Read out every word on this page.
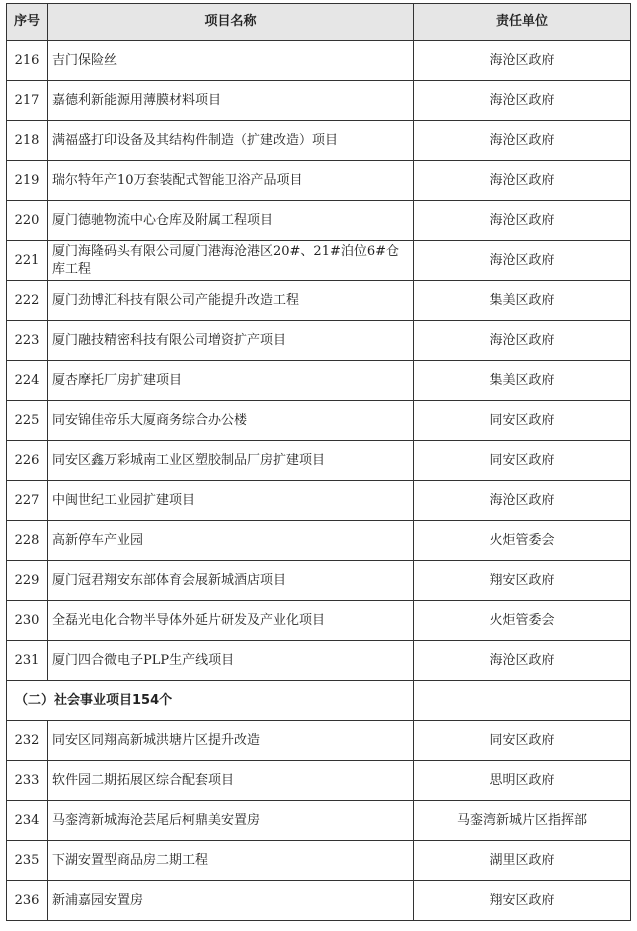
序号	项目名称	责任单位
216	吉门保险丝	海沧区政府
217	嘉德利新能源用薄膜材料项目	海沧区政府
218	满福盛打印设备及其结构件制造（扩建改造）项目	海沧区政府
219	瑞尔特年产10万套装配式智能卫浴产品项目	海沧区政府
220	厦门德驰物流中心仓库及附属工程项目	海沧区政府
221	厦门海隆码头有限公司厦门港海沧港区20#、21#泊位6#仓库工程	海沧区政府
222	厦门劲博汇科技有限公司产能提升改造工程	集美区政府
223	厦门融技精密科技有限公司增资扩产项目	海沧区政府
224	厦杏摩托厂房扩建项目	集美区政府
225	同安锦佳帝乐大厦商务综合办公楼	同安区政府
226	同安区鑫万彩城南工业区塑胶制品厂房扩建项目	同安区政府
227	中闽世纪工业园扩建项目	海沧区政府
228	高新停车产业园	火炬管委会
229	厦门冠君翔安东部体育会展新城酒店项目	翔安区政府
230	全磊光电化合物半导体外延片研发及产业化项目	火炬管委会
231	厦门四合微电子PLP生产线项目	海沧区政府
（二）社会事业项目154个		
232	同安区同翔高新城洪塘片区提升改造	同安区政府
233	软件园二期拓展区综合配套项目	思明区政府
234	马銮湾新城海沧芸尾后柯鼎美安置房	马銮湾新城片区指挥部
235	下湖安置型商品房二期工程	湖里区政府
236	新浦嘉园安置房	翔安区政府
